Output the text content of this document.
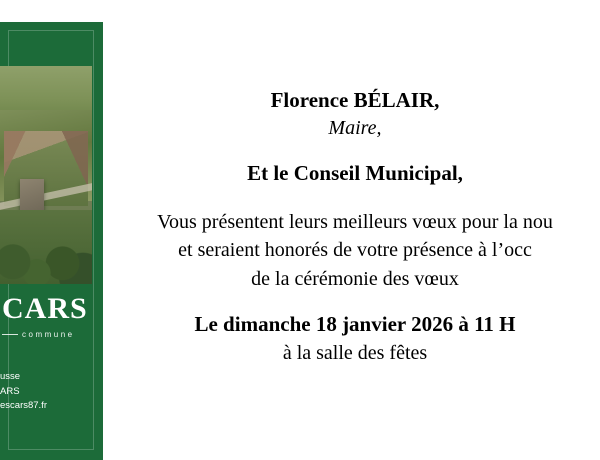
CARS
commune
usse
ARS
escars87.fr
Florence BÉLAIR,
Maire,
Et le Conseil Municipal,
Vous présentent leurs meilleurs vœux pour la nou
et seraient honorés de votre présence à l’occ
de la cérémonie des vœux
Le dimanche 18 janvier 2026 à 11 H
à la salle des fêtes
